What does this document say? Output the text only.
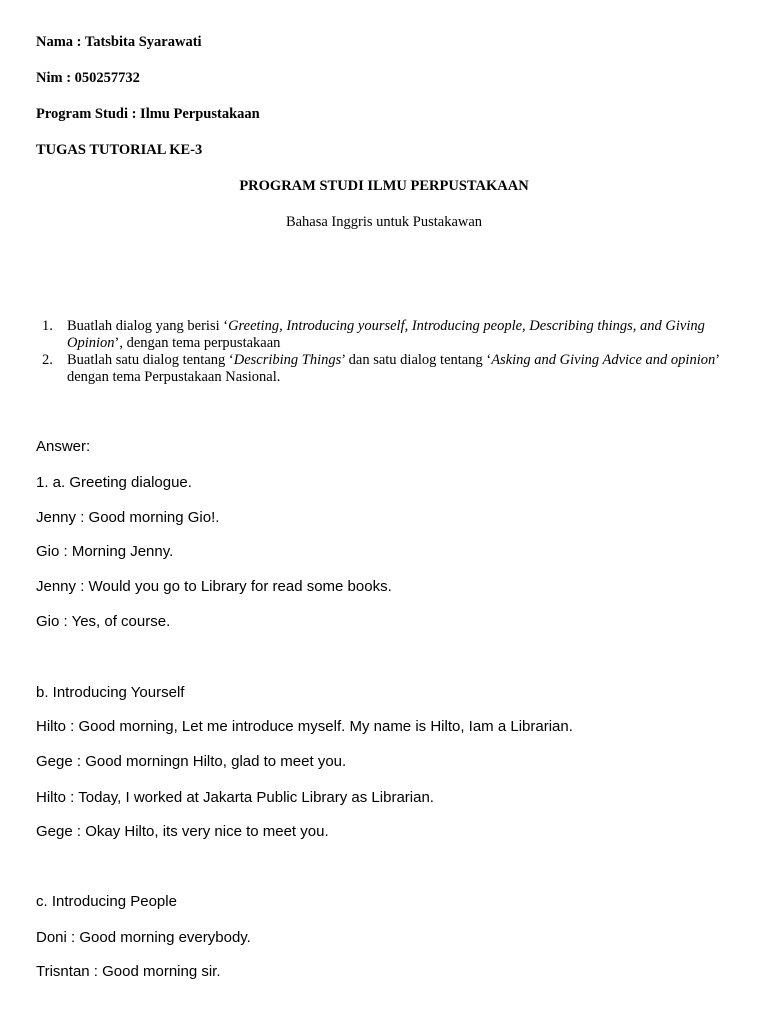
Nama : Tatsbita Syarawati
Nim : 050257732
Program Studi : Ilmu Perpustakaan
TUGAS TUTORIAL KE-3
PROGRAM STUDI ILMU PERPUSTAKAAN
Bahasa Inggris untuk Pustakawan
1. Buatlah dialog yang berisi ‘Greeting, Introducing yourself, Introducing people, Describing things, and Giving Opinion’, dengan tema perpustakaan
2. Buatlah satu dialog tentang ‘Describing Things’ dan satu dialog tentang ‘Asking and Giving Advice and opinion’ dengan tema Perpustakaan Nasional.
Answer:
1. a. Greeting dialogue.
Jenny : Good morning Gio!.
Gio : Morning Jenny.
Jenny : Would you go to Library for read some books.
Gio : Yes, of course.
b. Introducing Yourself
Hilto : Good morning, Let me introduce myself. My name is Hilto, Iam a Librarian.
Gege : Good morningn Hilto, glad to meet you.
Hilto : Today, I worked at Jakarta Public Library as Librarian.
Gege : Okay Hilto, its very nice to meet you.
c. Introducing People
Doni : Good morning everybody.
Trisntan : Good morning sir.
